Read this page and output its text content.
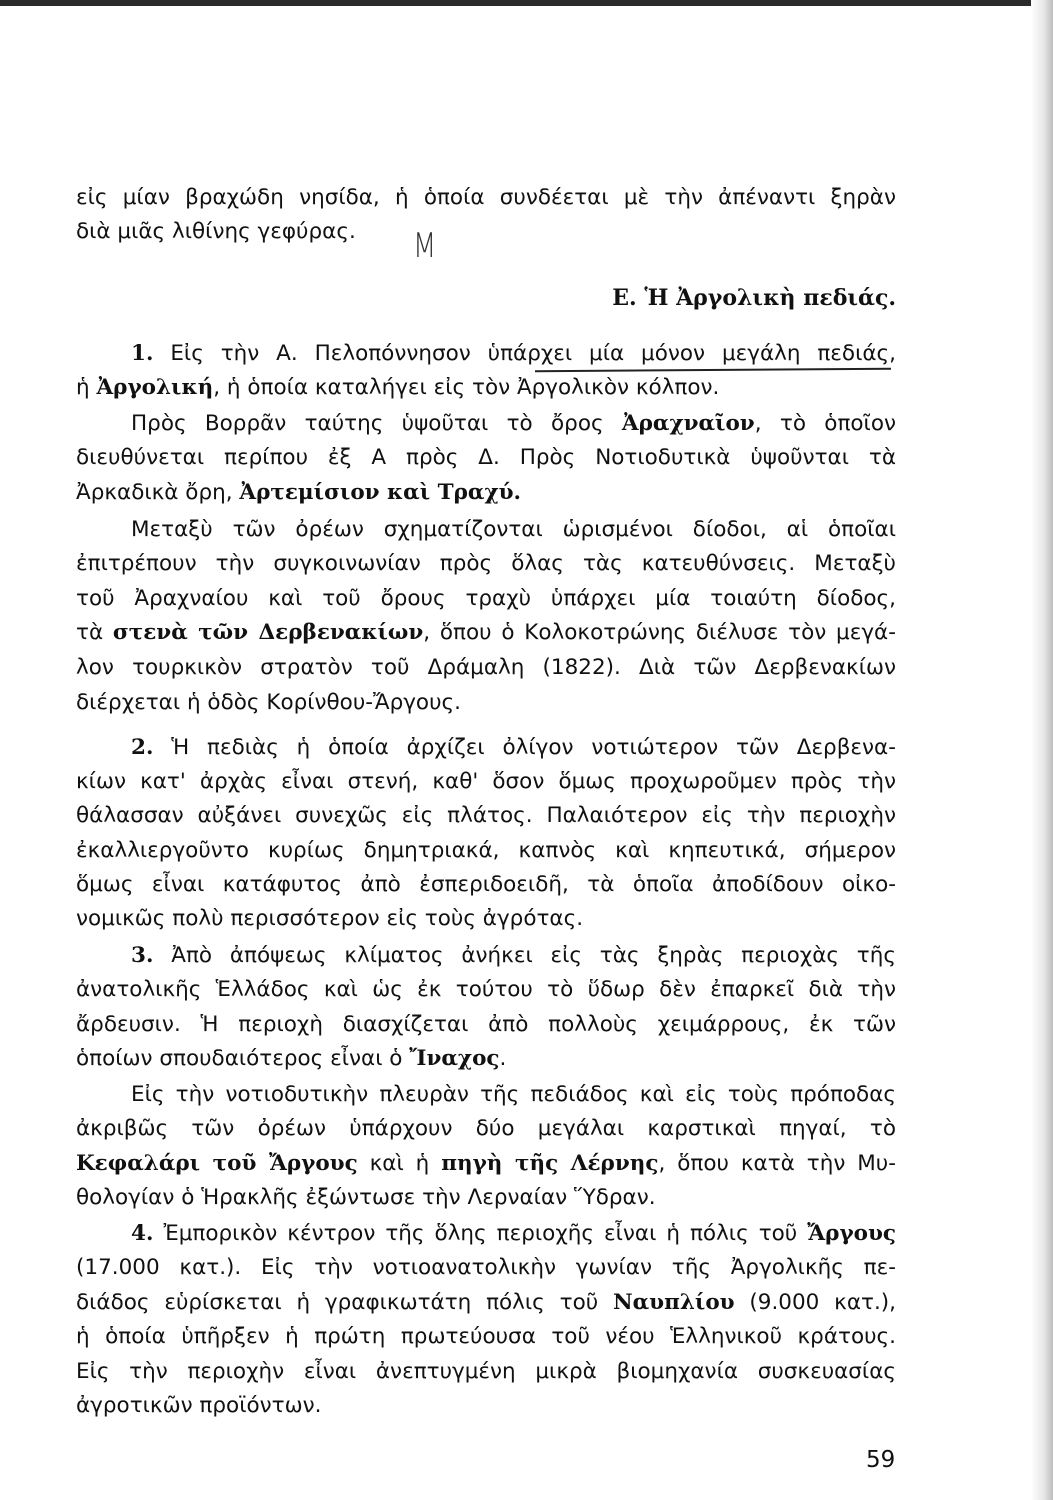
εἰς μίαν βραχώδη νησίδα, ἡ ὁποία συνδέεται μὲ τὴν ἀπέναντι ξηρὰν
διὰ μιᾶς λιθίνης γεφύρας.	M
Ε. Ἡ Ἀργολικὴ πεδιάς.
1. Εἰς τὴν Α. Πελοπόννησον ὑπάρχει μία μόνον μεγάλη πεδιάς,
ἡ Ἀργολική, ἡ ὁποία καταλήγει εἰς τὸν Ἀργολικὸν κόλπον.
Πρὸς Βορρᾶν ταύτης ὑψοῦται τὸ ὄρος Ἀραχναῖον, τὸ ὁποῖον
διευθύνεται περίπου ἐξ Α πρὸς Δ. Πρὸς Νοτιοδυτικὰ ὑψοῦνται τὰ
Ἀρκαδικὰ ὄρη, Ἀρτεμίσιον καὶ Τραχύ.
Μεταξὺ τῶν ὀρέων σχηματίζονται ὡρισμένοι δίοδοι, αἱ ὁποῖαι
ἐπιτρέπουν τὴν συγκοινωνίαν πρὸς ὅλας τὰς κατευθύνσεις. Μεταξὺ
τοῦ Ἀραχναίου καὶ τοῦ ὄρους τραχὺ ὑπάρχει μία τοιαύτη δίοδος,
τὰ στενὰ τῶν Δερβενακίων, ὅπου ὁ Κολοκοτρώνης διέλυσε τὸν μεγά-
λον τουρκικὸν στρατὸν τοῦ Δράμαλη (1822). Διὰ τῶν Δερβενακίων
διέρχεται ἡ ὁδὸς Κορίνθου-Ἄργους.
2. Ἡ πεδιὰς ἡ ὁποία ἀρχίζει ὀλίγον νοτιώτερον τῶν Δερβενα-
κίων κατ' ἀρχὰς εἶναι στενή, καθ' ὅσον ὅμως προχωροῦμεν πρὸς τὴν
θάλασσαν αὐξάνει συνεχῶς εἰς πλάτος. Παλαιότερον εἰς τὴν περιοχὴν
ἐκαλλιεργοῦντο κυρίως δημητριακά, καπνὸς καὶ κηπευτικά, σήμερον
ὅμως εἶναι κατάφυτος ἀπὸ ἐσπεριδοειδῆ, τὰ ὁποῖα ἀποδίδουν οἰκο-
νομικῶς πολὺ περισσότερον εἰς τοὺς ἀγρότας.
3. Ἀπὸ ἀπόψεως κλίματος ἀνήκει εἰς τὰς ξηρὰς περιοχὰς τῆς
ἀνατολικῆς Ἑλλάδος καὶ ὡς ἐκ τούτου τὸ ὕδωρ δὲν ἐπαρκεῖ διὰ τὴν
ἄρδευσιν. Ἡ περιοχὴ διασχίζεται ἀπὸ πολλοὺς χειμάρρους, ἐκ τῶν
ὁποίων σπουδαιότερος εἶναι ὁ Ἴναχος.
Εἰς τὴν νοτιοδυτικὴν πλευρὰν τῆς πεδιάδος καὶ εἰς τοὺς πρόποδας
ἀκριβῶς τῶν ὀρέων ὑπάρχουν δύο μεγάλαι καρστικαὶ πηγαί, τὸ
Κεφαλάρι τοῦ Ἄργους καὶ ἡ πηγὴ τῆς Λέρνης, ὅπου κατὰ τὴν Μυ-
θολογίαν ὁ Ἡρακλῆς ἐξώντωσε τὴν Λερναίαν Ὕδραν.
4. Ἐμπορικὸν κέντρον τῆς ὅλης περιοχῆς εἶναι ἡ πόλις τοῦ Ἄργους
(17.000 κατ.). Εἰς τὴν νοτιοανατολικὴν γωνίαν τῆς Ἀργολικῆς πε-
διάδος εὑρίσκεται ἡ γραφικωτάτη πόλις τοῦ Ναυπλίου (9.000 κατ.),
ἡ ὁποία ὑπῆρξεν ἡ πρώτη πρωτεύουσα τοῦ νέου Ἑλληνικοῦ κράτους.
Εἰς τὴν περιοχὴν εἶναι ἀνεπτυγμένη μικρὰ βιομηχανία συσκευασίας
ἀγροτικῶν προϊόντων.
59
